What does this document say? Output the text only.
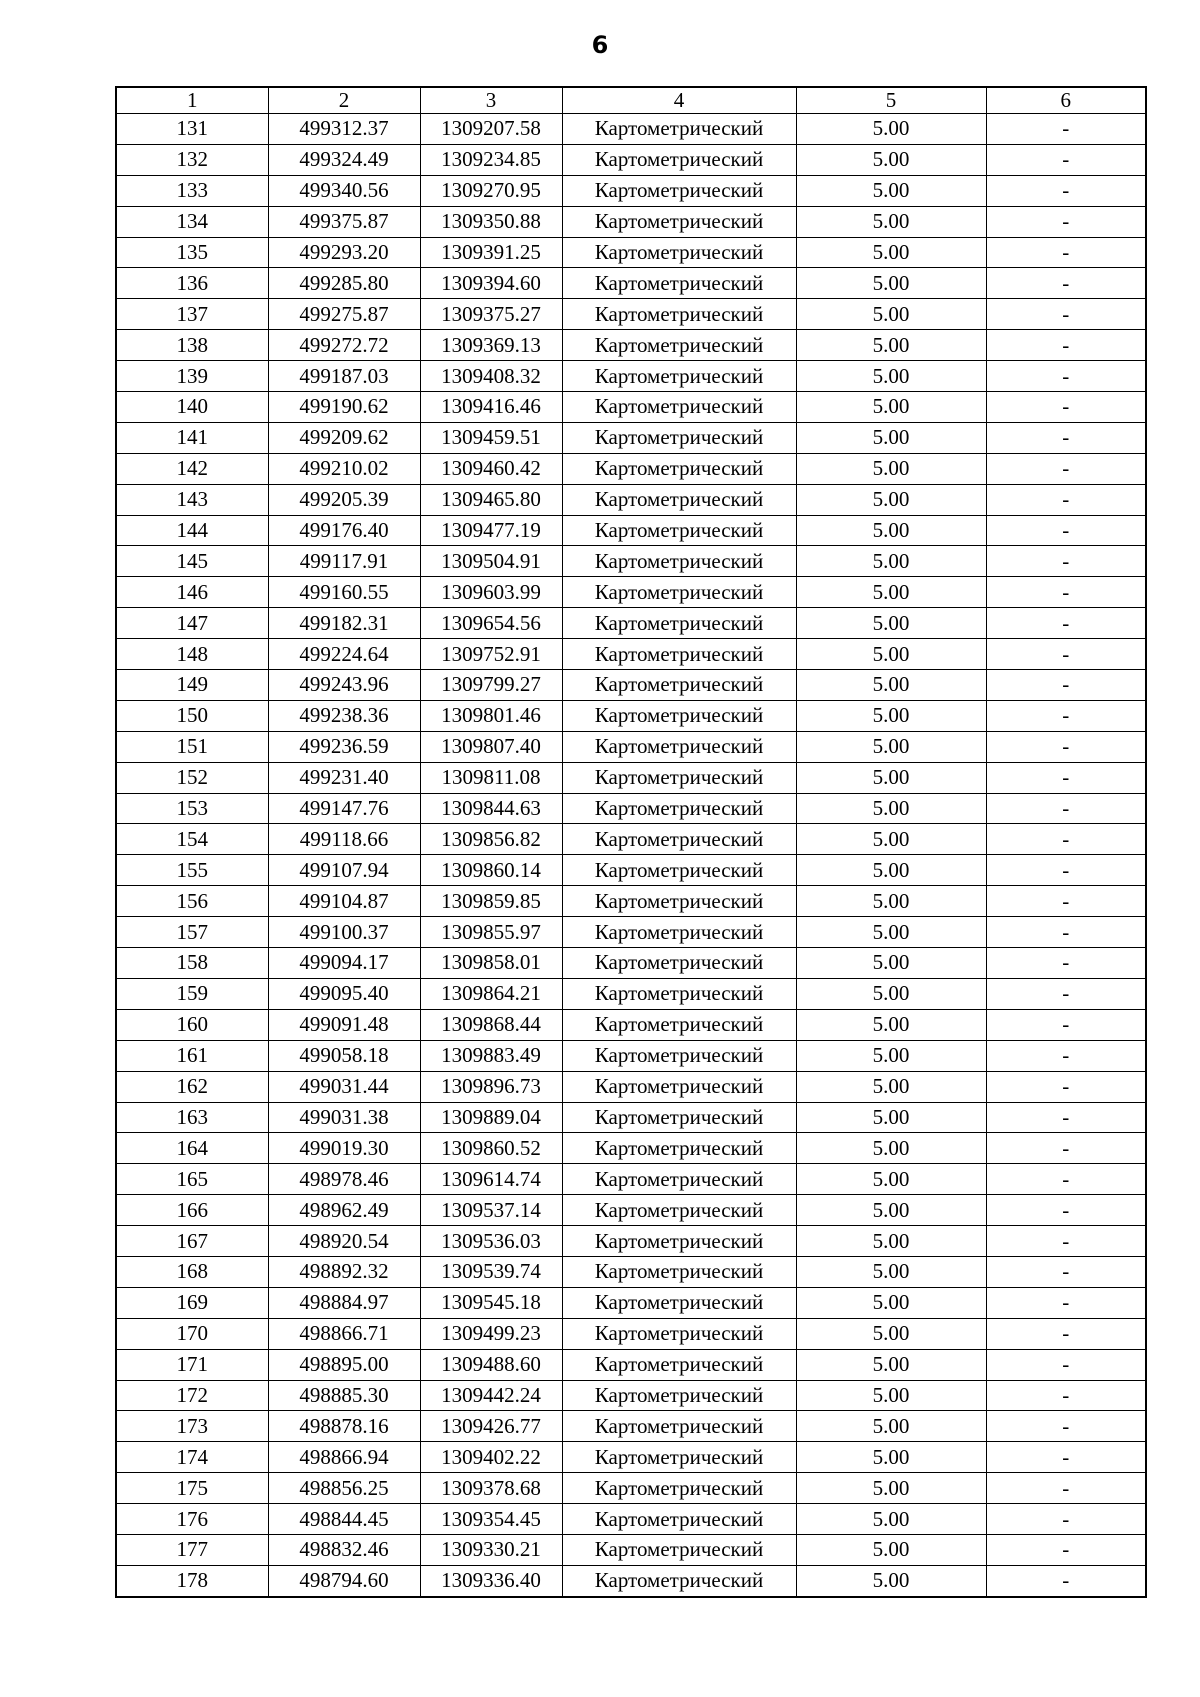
6
1	2	3	4	5	6
131	499312.37	1309207.58	Картометрический	5.00	-
132	499324.49	1309234.85	Картометрический	5.00	-
133	499340.56	1309270.95	Картометрический	5.00	-
134	499375.87	1309350.88	Картометрический	5.00	-
135	499293.20	1309391.25	Картометрический	5.00	-
136	499285.80	1309394.60	Картометрический	5.00	-
137	499275.87	1309375.27	Картометрический	5.00	-
138	499272.72	1309369.13	Картометрический	5.00	-
139	499187.03	1309408.32	Картометрический	5.00	-
140	499190.62	1309416.46	Картометрический	5.00	-
141	499209.62	1309459.51	Картометрический	5.00	-
142	499210.02	1309460.42	Картометрический	5.00	-
143	499205.39	1309465.80	Картометрический	5.00	-
144	499176.40	1309477.19	Картометрический	5.00	-
145	499117.91	1309504.91	Картометрический	5.00	-
146	499160.55	1309603.99	Картометрический	5.00	-
147	499182.31	1309654.56	Картометрический	5.00	-
148	499224.64	1309752.91	Картометрический	5.00	-
149	499243.96	1309799.27	Картометрический	5.00	-
150	499238.36	1309801.46	Картометрический	5.00	-
151	499236.59	1309807.40	Картометрический	5.00	-
152	499231.40	1309811.08	Картометрический	5.00	-
153	499147.76	1309844.63	Картометрический	5.00	-
154	499118.66	1309856.82	Картометрический	5.00	-
155	499107.94	1309860.14	Картометрический	5.00	-
156	499104.87	1309859.85	Картометрический	5.00	-
157	499100.37	1309855.97	Картометрический	5.00	-
158	499094.17	1309858.01	Картометрический	5.00	-
159	499095.40	1309864.21	Картометрический	5.00	-
160	499091.48	1309868.44	Картометрический	5.00	-
161	499058.18	1309883.49	Картометрический	5.00	-
162	499031.44	1309896.73	Картометрический	5.00	-
163	499031.38	1309889.04	Картометрический	5.00	-
164	499019.30	1309860.52	Картометрический	5.00	-
165	498978.46	1309614.74	Картометрический	5.00	-
166	498962.49	1309537.14	Картометрический	5.00	-
167	498920.54	1309536.03	Картометрический	5.00	-
168	498892.32	1309539.74	Картометрический	5.00	-
169	498884.97	1309545.18	Картометрический	5.00	-
170	498866.71	1309499.23	Картометрический	5.00	-
171	498895.00	1309488.60	Картометрический	5.00	-
172	498885.30	1309442.24	Картометрический	5.00	-
173	498878.16	1309426.77	Картометрический	5.00	-
174	498866.94	1309402.22	Картометрический	5.00	-
175	498856.25	1309378.68	Картометрический	5.00	-
176	498844.45	1309354.45	Картометрический	5.00	-
177	498832.46	1309330.21	Картометрический	5.00	-
178	498794.60	1309336.40	Картометрический	5.00	-
